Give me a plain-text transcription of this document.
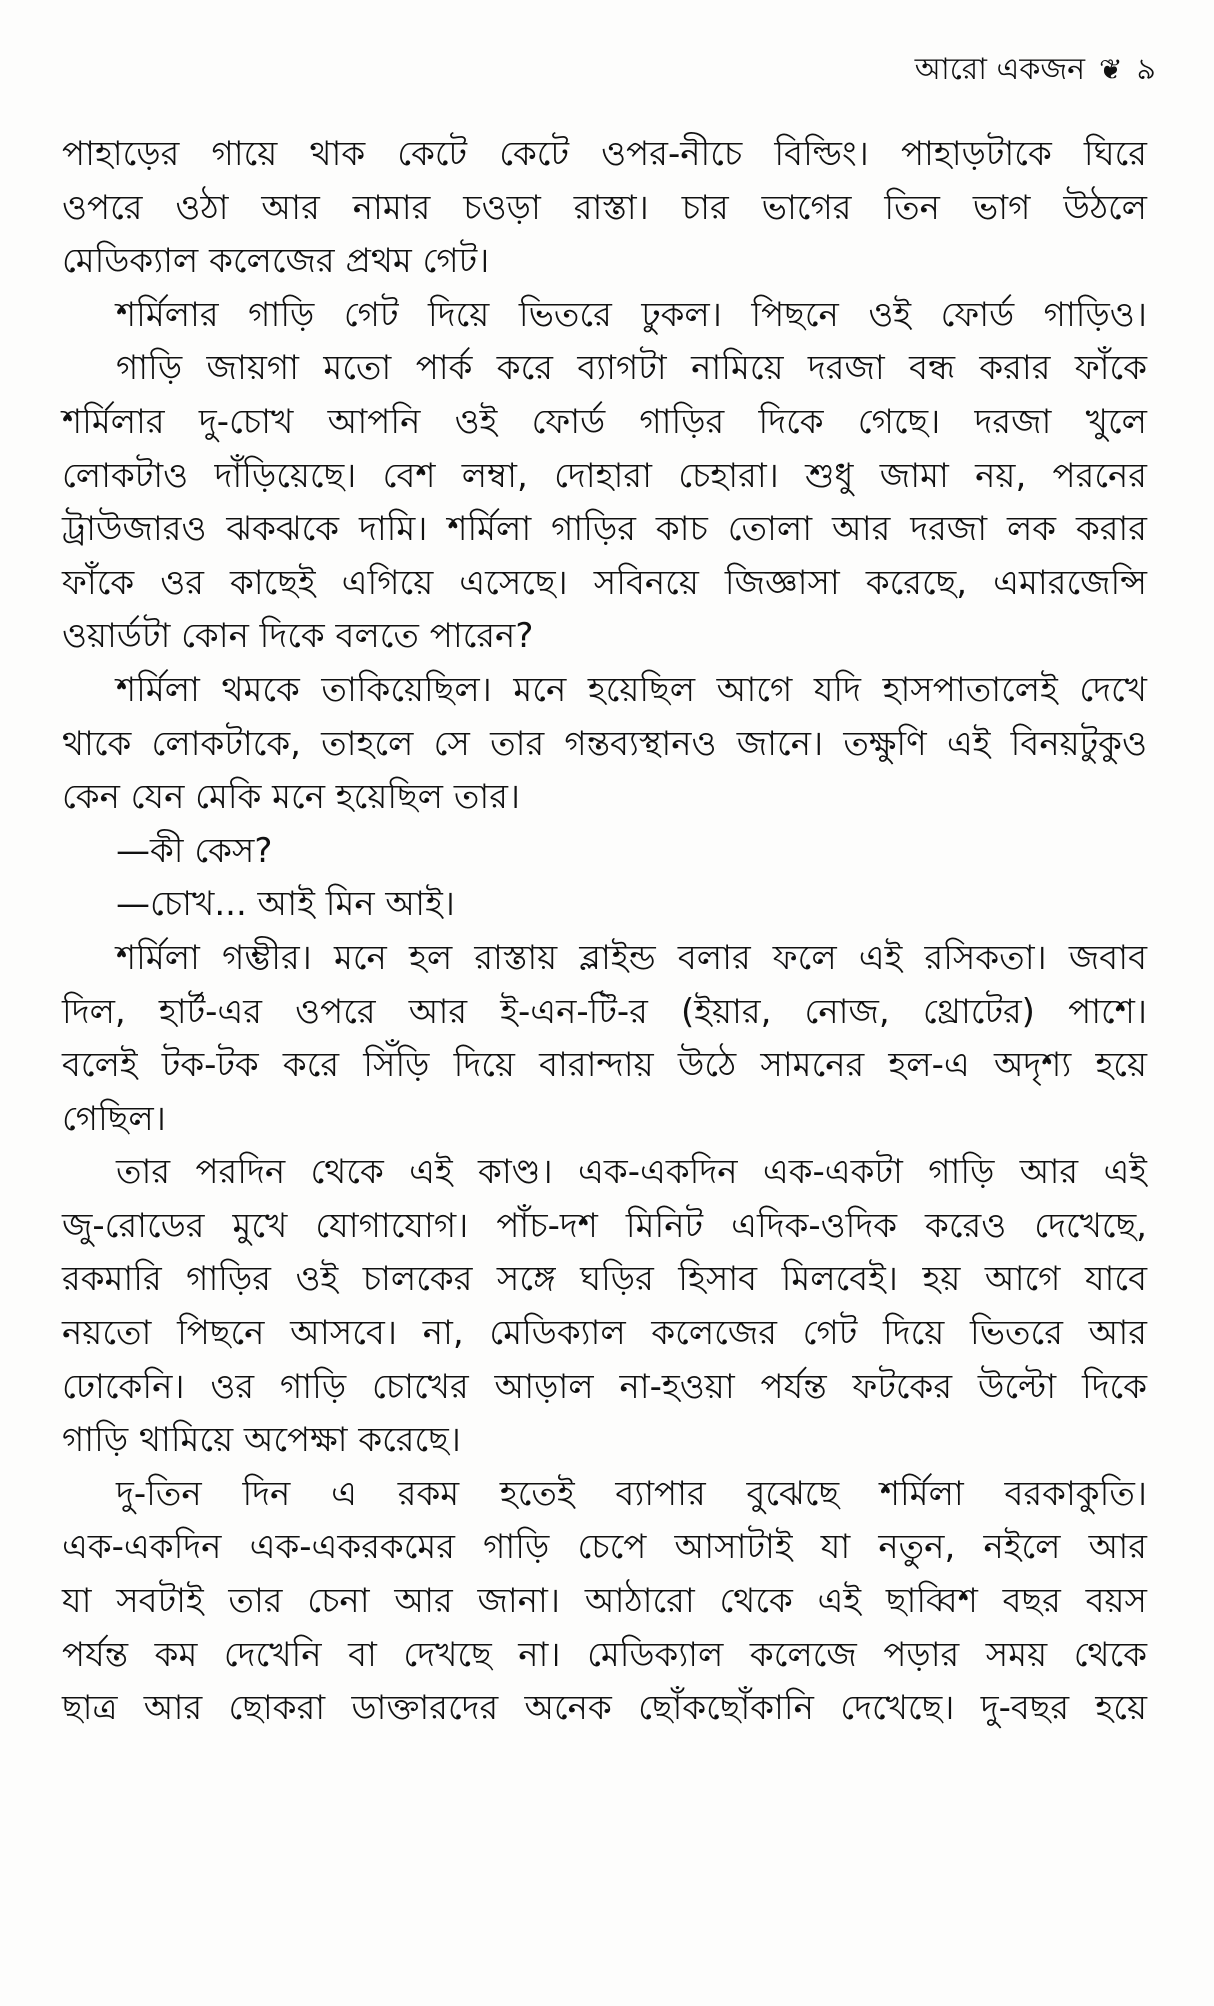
আরো একজন ❦ ৯
পাহাড়ের গায়ে থাক কেটে কেটে ওপর-নীচে বিল্ডিং। পাহাড়টাকে ঘিরে
ওপরে ওঠা আর নামার চওড়া রাস্তা। চার ভাগের তিন ভাগ উঠলে
মেডিক্যাল কলেজের প্রথম গেট।
শর্মিলার গাড়ি গেট দিয়ে ভিতরে ঢুকল। পিছনে ওই ফোর্ড গাড়িও।
গাড়ি জায়গা মতো পার্ক করে ব্যাগটা নামিয়ে দরজা বন্ধ করার ফাঁকে
শর্মিলার দু-চোখ আপনি ওই ফোর্ড গাড়ির দিকে গেছে। দরজা খুলে
লোকটাও দাঁড়িয়েছে। বেশ লম্বা, দোহারা চেহারা। শুধু জামা নয়, পরনের
ট্রাউজারও ঝকঝকে দামি। শর্মিলা গাড়ির কাচ তোলা আর দরজা লক করার
ফাঁকে ওর কাছেই এগিয়ে এসেছে। সবিনয়ে জিজ্ঞাসা করেছে, এমারজেন্সি
ওয়ার্ডটা কোন দিকে বলতে পারেন?
শর্মিলা থমকে তাকিয়েছিল। মনে হয়েছিল আগে যদি হাসপাতালেই দেখে
থাকে লোকটাকে, তাহলে সে তার গন্তব্যস্থানও জানে। তক্ষুণি এই বিনয়টুকুও
কেন যেন মেকি মনে হয়েছিল তার।
—কী কেস?
—চোখ... আই মিন আই।
শর্মিলা গম্ভীর। মনে হল রাস্তায় ব্লাইন্ড বলার ফলে এই রসিকতা। জবাব
দিল, হার্ট-এর ওপরে আর ই-এন-টি-র (ইয়ার, নোজ, থ্রোটের) পাশে।
বলেই টক-টক করে সিঁড়ি দিয়ে বারান্দায় উঠে সামনের হল-এ অদৃশ্য হয়ে
গেছিল।
তার পরদিন থেকে এই কাণ্ড। এক-একদিন এক-একটা গাড়ি আর এই
জু-রোডের মুখে যোগাযোগ। পাঁচ-দশ মিনিট এদিক-ওদিক করেও দেখেছে,
রকমারি গাড়ির ওই চালকের সঙ্গে ঘড়ির হিসাব মিলবেই। হয় আগে যাবে
নয়তো পিছনে আসবে। না, মেডিক্যাল কলেজের গেট দিয়ে ভিতরে আর
ঢোকেনি। ওর গাড়ি চোখের আড়াল না-হওয়া পর্যন্ত ফটকের উল্টো দিকে
গাড়ি থামিয়ে অপেক্ষা করেছে।
দু-তিন দিন এ রকম হতেই ব্যাপার বুঝেছে শর্মিলা বরকাকুতি।
এক-একদিন এক-একরকমের গাড়ি চেপে আসাটাই যা নতুন, নইলে আর
যা সবটাই তার চেনা আর জানা। আঠারো থেকে এই ছাব্বিশ বছর বয়স
পর্যন্ত কম দেখেনি বা দেখছে না। মেডিক্যাল কলেজে পড়ার সময় থেকে
ছাত্র আর ছোকরা ডাক্তারদের অনেক ছোঁকছোঁকানি দেখেছে। দু-বছর হয়ে
